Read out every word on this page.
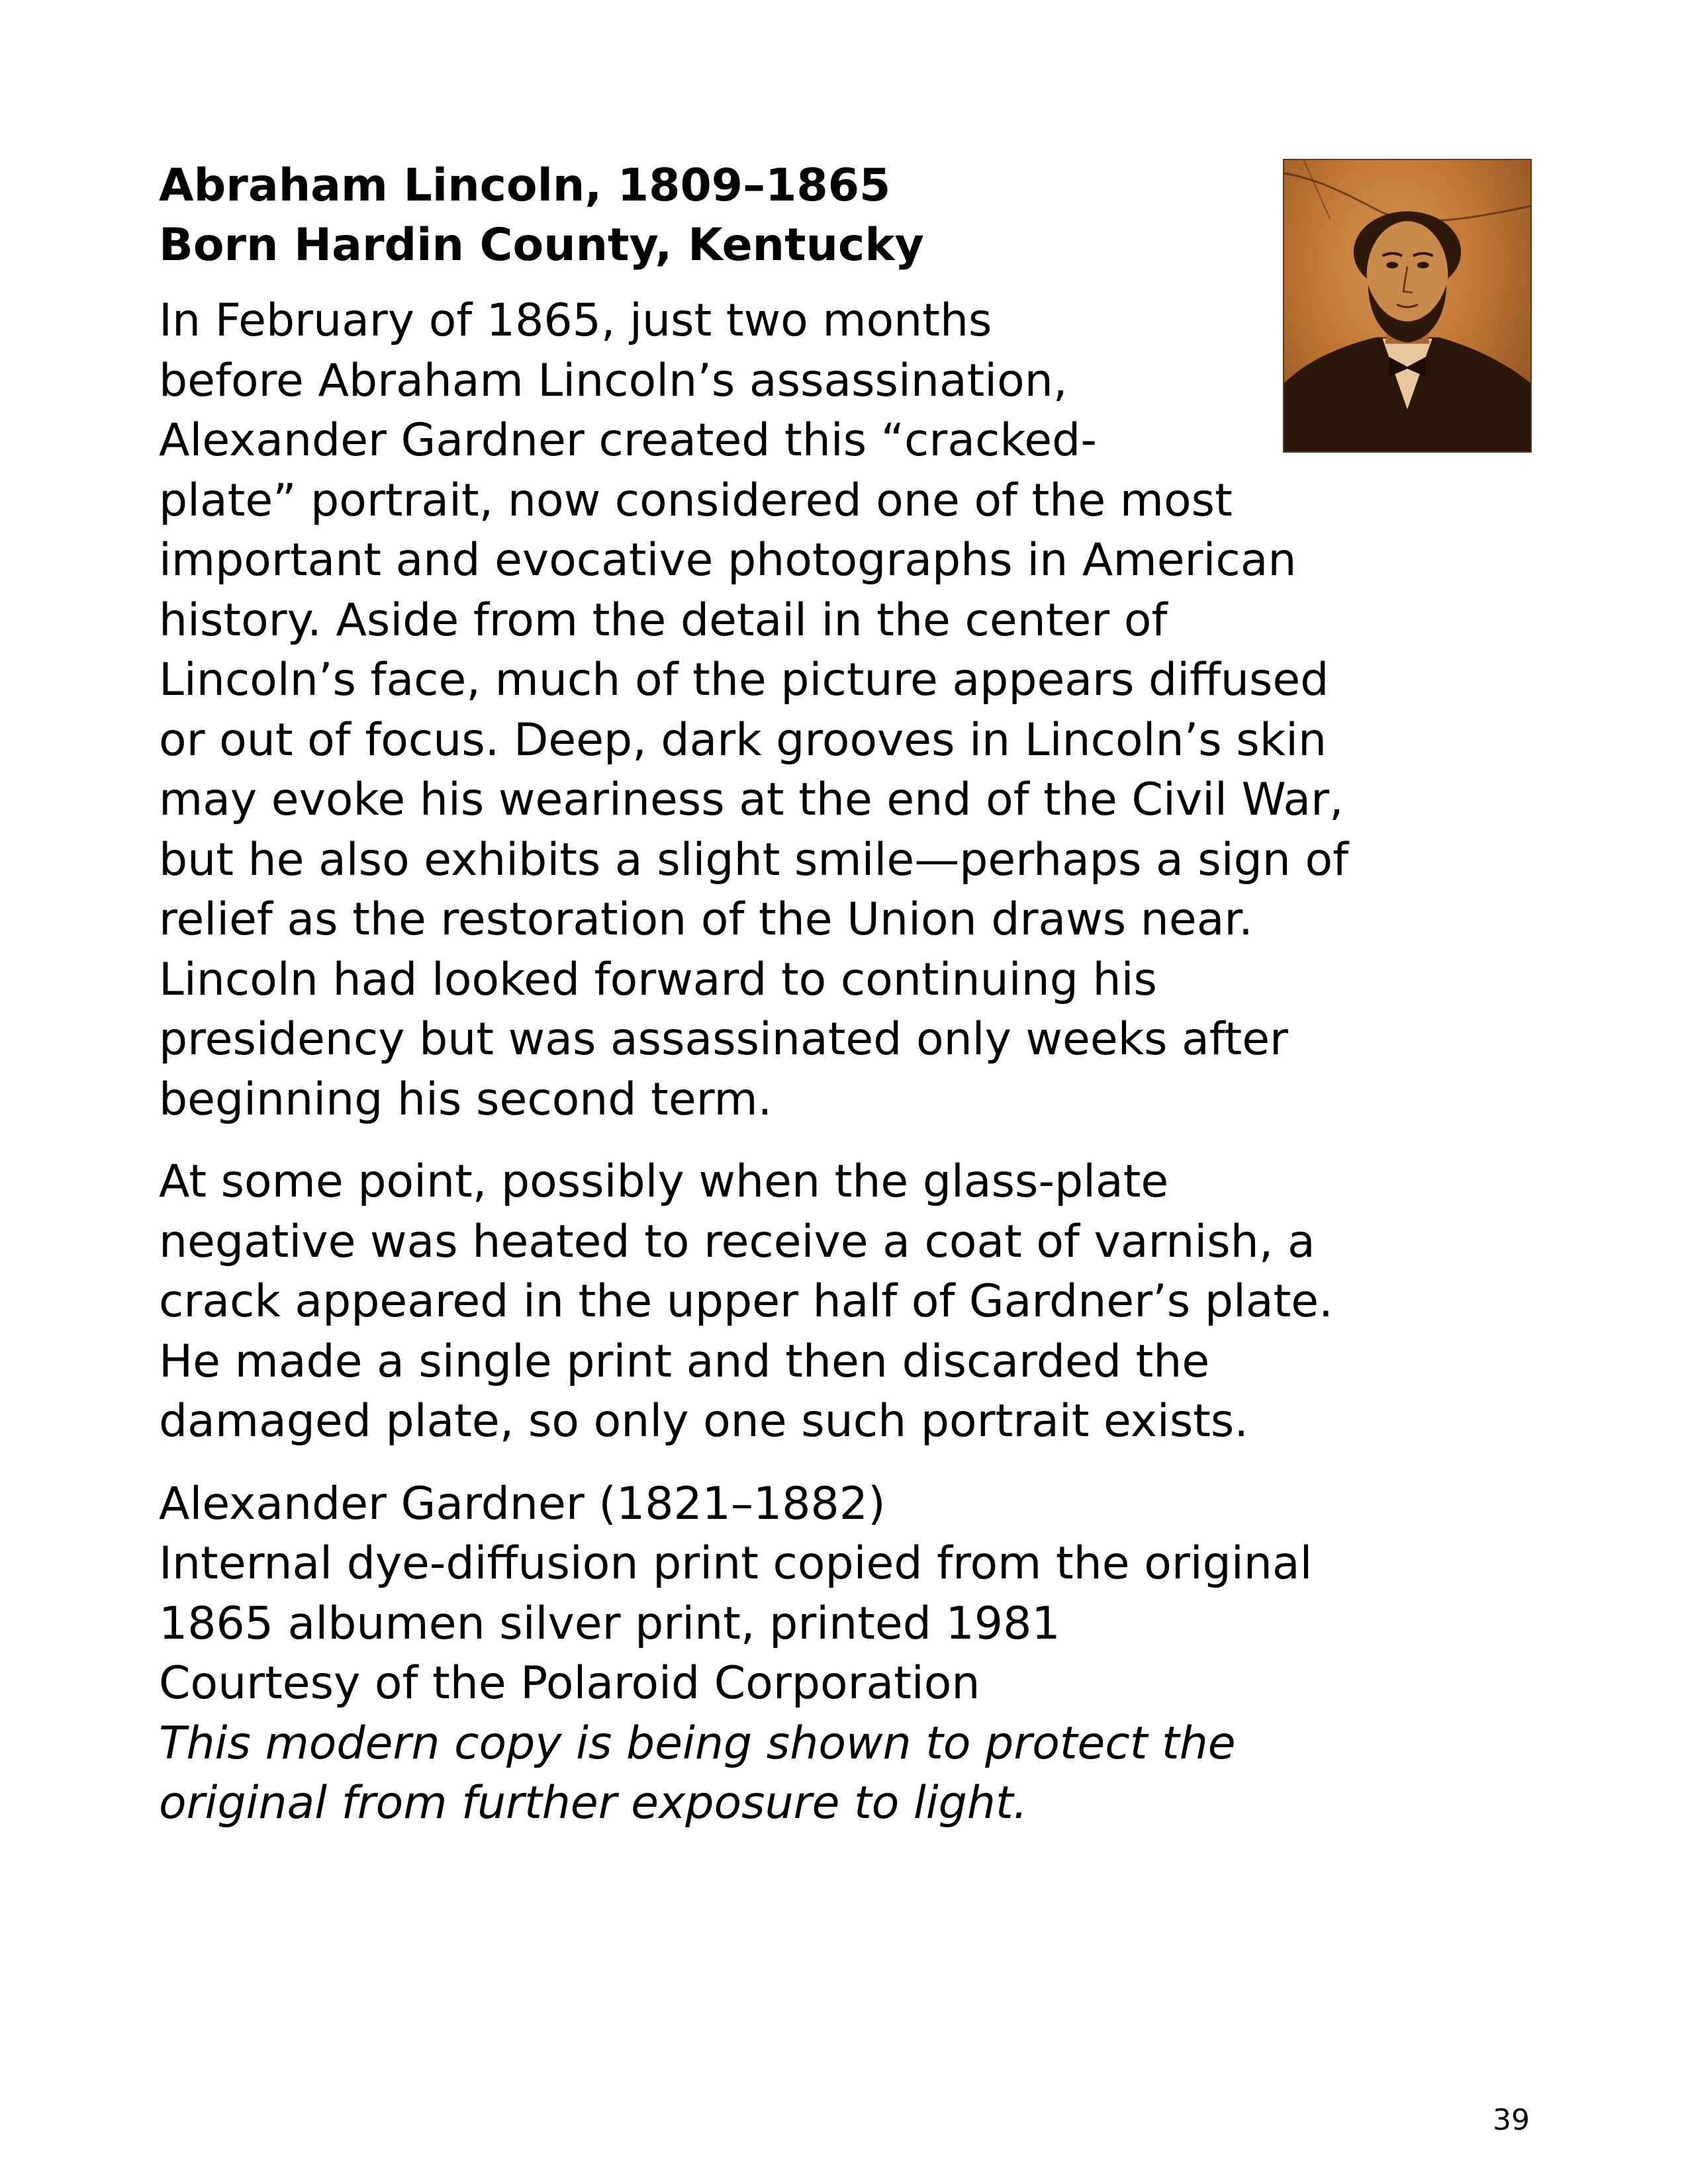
Abraham Lincoln, 1809–1865

Born Hardin County, Kentucky

In February of 1865, just two months

before Abraham Lincoln’s assassination,

Alexander Gardner created this “cracked-

plate” portrait, now considered one of the most

important and evocative photographs in American

history. Aside from the detail in the center of

Lincoln’s face, much of the picture appears diffused

or out of focus. Deep, dark grooves in Lincoln’s skin

may evoke his weariness at the end of the Civil War,

but he also exhibits a slight smile—perhaps a sign of

relief as the restoration of the Union draws near.

Lincoln had looked forward to continuing his

presidency but was assassinated only weeks after

beginning his second term.

At some point, possibly when the glass-plate

negative was heated to receive a coat of varnish, a

crack appeared in the upper half of Gardner’s plate.

He made a single print and then discarded the

damaged plate, so only one such portrait exists.

Alexander Gardner (1821–1882)

Internal dye-diffusion print copied from the original

1865 albumen silver print, printed 1981

Courtesy of the Polaroid Corporation

This modern copy is being shown to protect the

original from further exposure to light.

39
